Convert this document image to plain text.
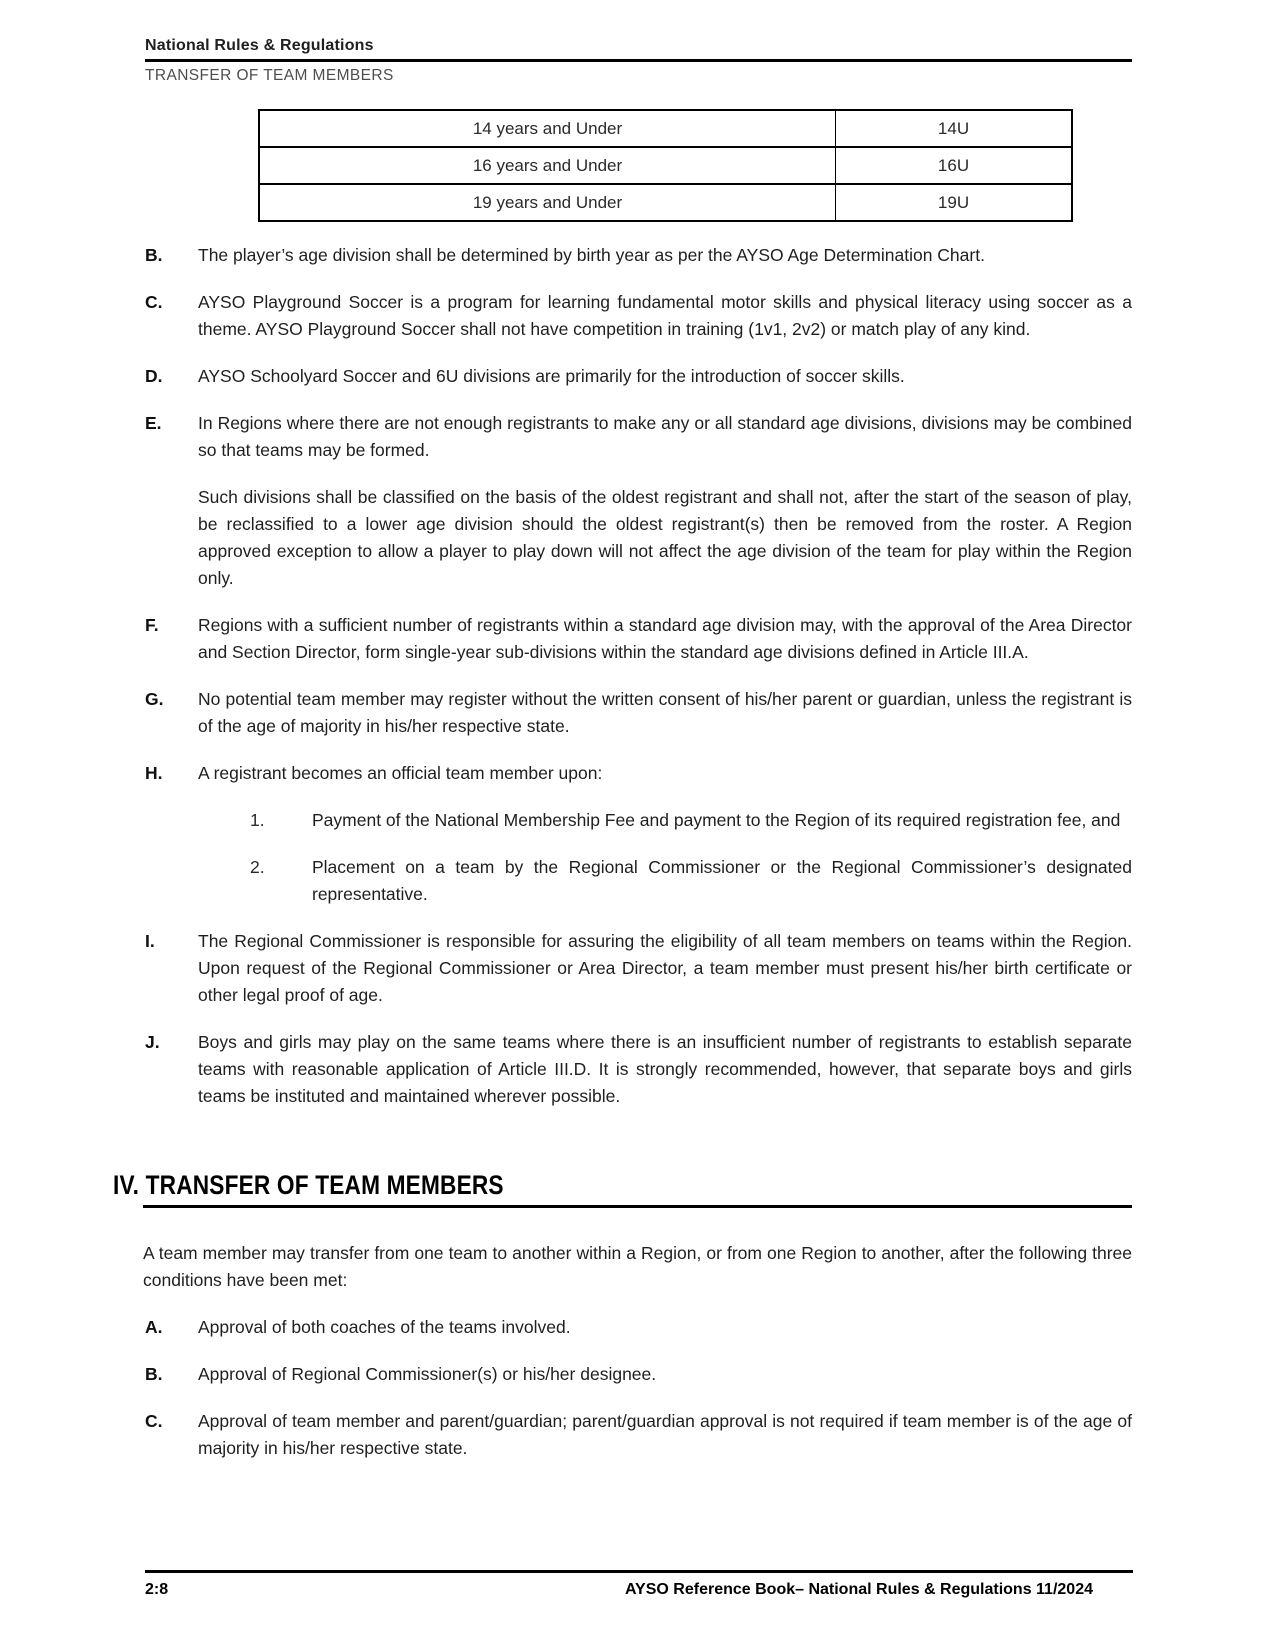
National Rules & Regulations
TRANSFER OF TEAM MEMBERS
14 years and Under	14U
16 years and Under	16U
19 years and Under	19U
B.	The player’s age division shall be determined by birth year as per the AYSO Age Determination Chart.
C.	AYSO Playground Soccer is a program for learning fundamental motor skills and physical literacy using soccer as a theme. AYSO Playground Soccer shall not have competition in training (1v1, 2v2) or match play of any kind.
D.	AYSO Schoolyard Soccer and 6U divisions are primarily for the introduction of soccer skills.
E.	In Regions where there are not enough registrants to make any or all standard age divisions, divisions may be combined so that teams may be formed.

Such divisions shall be classified on the basis of the oldest registrant and shall not, after the start of the season of play, be reclassified to a lower age division should the oldest registrant(s) then be removed from the roster. A Region approved exception to allow a player to play down will not affect the age division of the team for play within the Region only.

F.	Regions with a sufficient number of registrants within a standard age division may, with the approval of the Area Director and Section Director, form single-year sub-divisions within the standard age divisions defined in Article III.A.
G.	No potential team member may register without the written consent of his/her parent or guardian, unless the registrant is of the age of majority in his/her respective state.
H.	A registrant becomes an official team member upon:
1.	Payment of the National Membership Fee and payment to the Region of its required registration fee, and
2.	Placement on a team by the Regional Commissioner or the Regional Commissioner’s designated representative.
I.	The Regional Commissioner is responsible for assuring the eligibility of all team members on teams within the Region. Upon request of the Regional Commissioner or Area Director, a team member must present his/her birth certificate or other legal proof of age.
J.	Boys and girls may play on the same teams where there is an insufficient number of registrants to establish separate teams with reasonable application of Article III.D. It is strongly recommended, however, that separate boys and girls teams be instituted and maintained wherever possible.
IV. TRANSFER OF TEAM MEMBERS
A team member may transfer from one team to another within a Region, or from one Region to another, after the following three conditions have been met:
A.	Approval of both coaches of the teams involved.
B.	Approval of Regional Commissioner(s) or his/her designee.
C.	Approval of team member and parent/guardian; parent/guardian approval is not required if team member is of the age of majority in his/her respective state.
2:8	AYSO Reference Book– National Rules & Regulations 11/2024
